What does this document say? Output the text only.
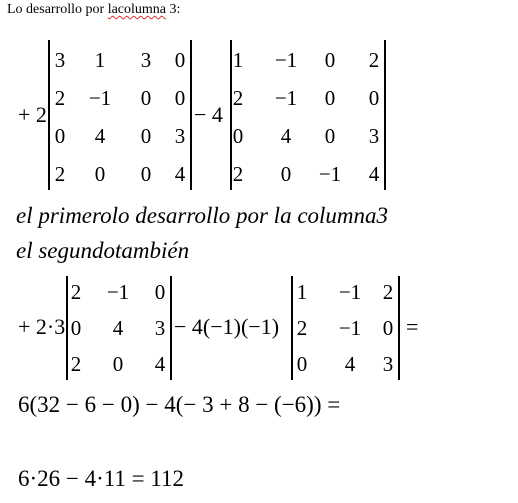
Lo desarrollo por lacolumna 3:
+ 2
3	1	3	0
2	−1	0	0
0	4	0	3
2	0	0	4
− 4
1	−1	0	2
2	−1	0	0
0	4	0	3
2	0	−1	4
el primerolo desarrollo por la columna3
el segundotambién
+ 2·3
2	−1	0
0	4	3
2	0	4
− 4(−1)(−1)
1	−1	2
2	−1	0
0	4	3
=
6(32 − 6 − 0) − 4(− 3 + 8 − (−6)) =
6·26 − 4·11 = 112
